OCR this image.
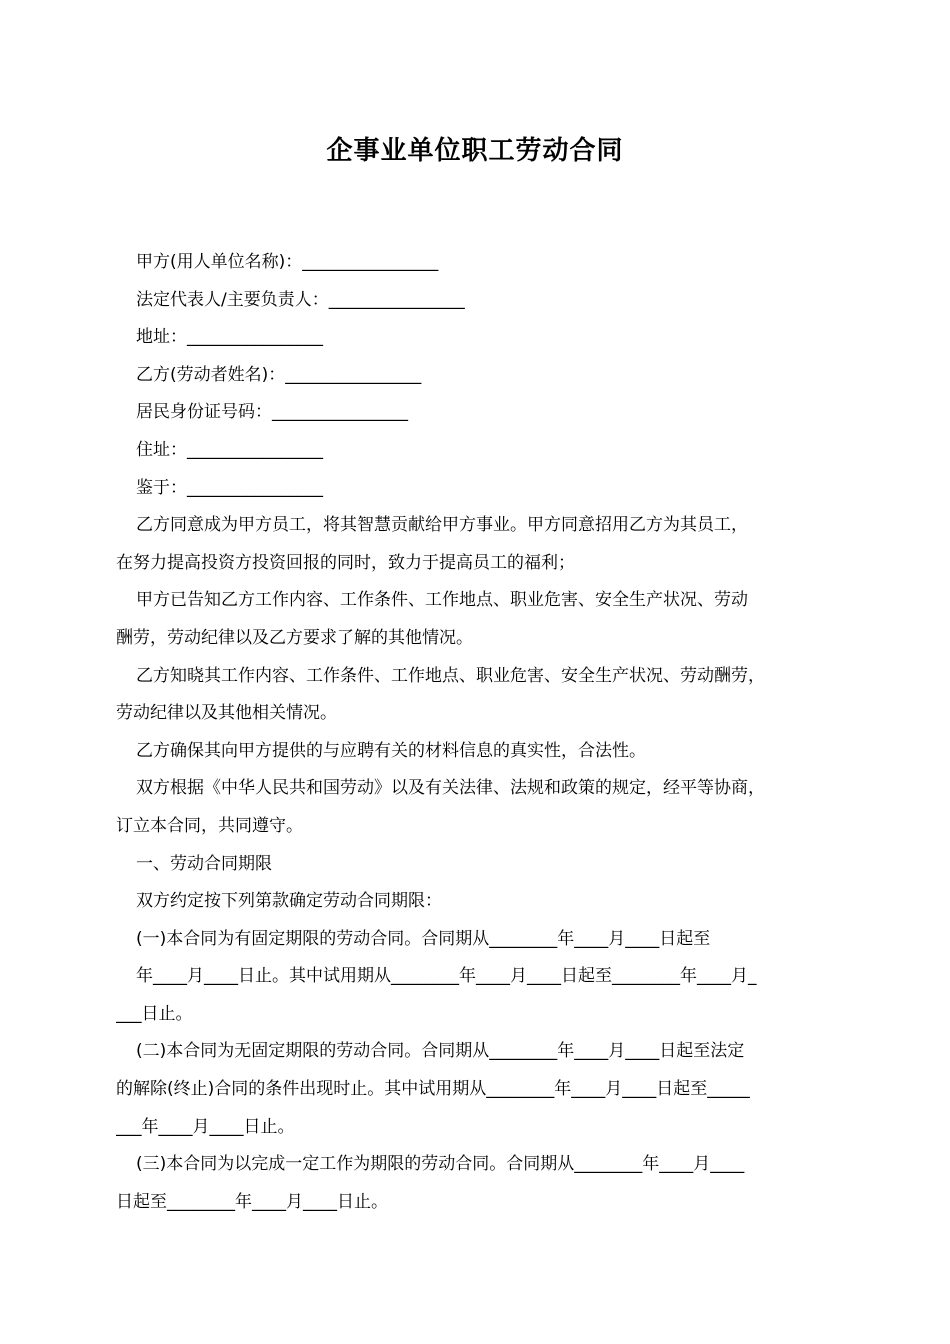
企事业单位职工劳动合同
甲方(用人单位名称)：________________
法定代表人/主要负责人：________________
地址：________________
乙方(劳动者姓名)：________________
居民身份证号码：________________
住址：________________
鉴于：________________
乙方同意成为甲方员工，将其智慧贡献给甲方事业。甲方同意招用乙方为其员工，
在努力提高投资方投资回报的同时，致力于提高员工的福利；
甲方已告知乙方工作内容、工作条件、工作地点、职业危害、安全生产状况、劳动
酬劳，劳动纪律以及乙方要求了解的其他情况。
乙方知晓其工作内容、工作条件、工作地点、职业危害、安全生产状况、劳动酬劳，
劳动纪律以及其他相关情况。
乙方确保其向甲方提供的与应聘有关的材料信息的真实性，合法性。
双方根据《中华人民共和国劳动》以及有关法律、法规和政策的规定，经平等协商，
订立本合同，共同遵守。
一、劳动合同期限
双方约定按下列第款确定劳动合同期限：
(一)本合同为有固定期限的劳动合同。合同期从________年____月____日起至
年____月____日止。其中试用期从________年____月____日起至________年____月_
___日止。
(二)本合同为无固定期限的劳动合同。合同期从________年____月____日起至法定
的解除(终止)合同的条件出现时止。其中试用期从________年____月____日起至_____
___年____月____日止。
(三)本合同为以完成一定工作为期限的劳动合同。合同期从________年____月____
日起至________年____月____日止。
